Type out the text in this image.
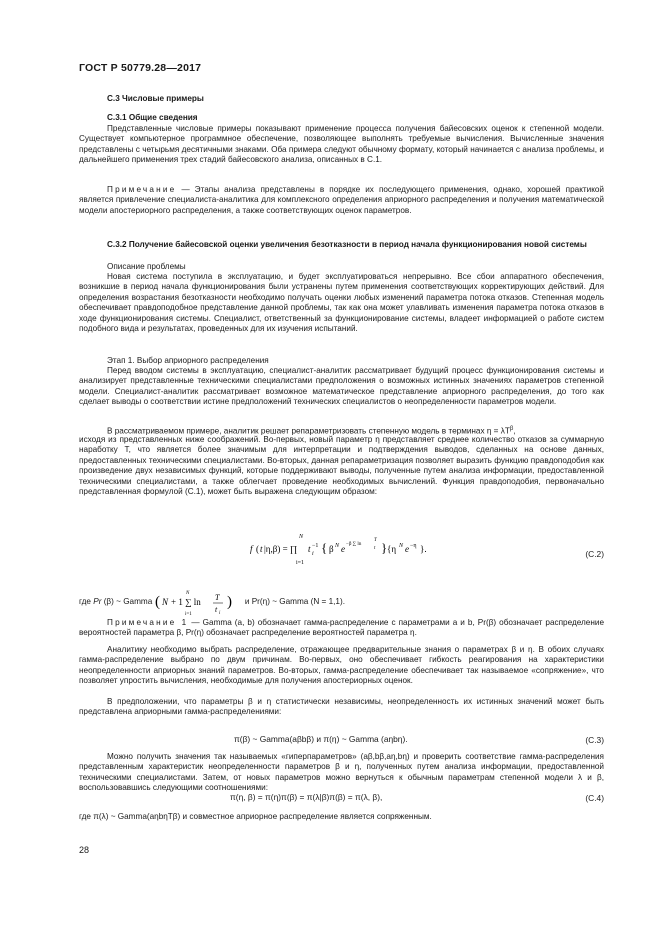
ГОСТ Р 50779.28—2017
С.3 Числовые примеры
С.3.1 Общие сведения
Представленные числовые примеры показывают применение процесса получения байесовских оценок к степенной модели. Существует компьютерное программное обеспечение, позволяющее выполнять требуемые вычисления. Вычисленные значения представлены с четырьмя десятичными знаками. Оба примера следуют обычному формату, который начинается с анализа проблемы, и дальнейшего применения трех стадий байесовского анализа, описанных в С.1.
Примечание — Этапы анализа представлены в порядке их последующего применения, однако, хорошей практикой является привлечение специалиста-аналитика для комплексного определения априорного распределения и получения математической модели апостериорного распределения, а также соответствующих оценок параметров.
С.3.2 Получение байесовской оценки увеличения безотказности в период начала функционирования новой системы
Описание проблемы
Новая система поступила в эксплуатацию, и будет эксплуатироваться непрерывно. Все сбои аппаратного обеспечения, возникшие в период начала функционирования были устранены путем применения соответствующих корректирующих действий. Для определения возрастания безотказности необходимо получать оценки любых изменений параметра потока отказов. Степенная модель обеспечивает правдоподобное представление данной проблемы, так как она может улавливать изменения параметра потока отказов в ходе функционирования системы. Специалист, ответственный за функционирование системы, владеет информацией о работе систем подобного вида и результатах, проведенных для их изучения испытаний.
Этап 1. Выбор априорного распределения
Перед вводом системы в эксплуатацию, специалист-аналитик рассматривает будущий процесс функционирования системы и анализирует представленные техническими специалистами предположения о возможных истинных значениях параметров степенной модели. Специалист-аналитик рассматривает возможное математическое представление априорного распределения, до того как сделает выводы о соответствии истине предположений технических специалистов о неопределенности параметров модели.
В рассматриваемом примере, аналитик решает репараметризовать степенную модель в терминах $\eta = \lambda T^\beta$,
исходя из представленных ниже соображений. Во-первых, новый параметр η представляет среднее количество отказов за суммарную наработку T, что является более значимым для интерпретации и подтверждения выводов, сделанных на основе данных, предоставленных техническими специалистами. Во-вторых, данная репараметризация позволяет выразить функцию правдоподобия как произведение двух независимых функций, которые поддерживают выводы, полученные путем анализа информации, предоставленной техническими специалистами, а также облегчает проведение необходимых вычислений. Функция правдоподобия, первоначально представленная формулой (С.1), может быть выражена следующим образом:
f ( t |η,β) = ∏
N
i=1
t i
−1 { β N e −β ∑ ln
T
t } {η N e −η }.	(С.2)
где Pr (β) ~ Gamma ( N + 1 ∑ ln
N
i=1
T
t i
) и Pr(η) ~ Gamma (N = 1,1).
Примечание 1 — Gamma (a, b) обозначает гамма-распределение с параметрами a и b, Pr(β) обозначает распределение вероятностей параметра β, Pr(η) обозначает распределение вероятностей параметра η.
Аналитику необходимо выбрать распределение, отражающее предварительные знания о параметрах β и η. В обоих случаях гамма-распределение выбрано по двум причинам. Во-первых, оно обеспечивает гибкость реагирования на характеристики неопределенности априорных знаний параметров. Во-вторых, гамма-распределение обеспечивает так называемое «сопряжение», что позволяет упростить вычисления, необходимые для получения апостериорных оценок.
В предположении, что параметры β и η статистически независимы, неопределенность их истинных значений может быть представлена априорными гамма-распределениями:
π(β) ~ Gamma(aβbβ) и π(η) ~ Gamma (aηbη).	(С.3)
Можно получить значения так называемых «гиперпараметров» (aβ,bβ,aη,bη) и проверить соответствие гамма-распределения представленным характеристик неопределенности параметров β и η, полученных путем анализа информации, предоставленной техническими специалистами. Затем, от новых параметров можно вернуться к обычным параметрам степенной модели λ и β, воспользовавшись следующими соотношениями:
π(η, β) = π(η)π(β) = π(λ|β)π(β) = π(λ, β),	(С.4)
где π(λ) ~ Gamma(aηbηTβ) и совместное априорное распределение является сопряженным.
28
